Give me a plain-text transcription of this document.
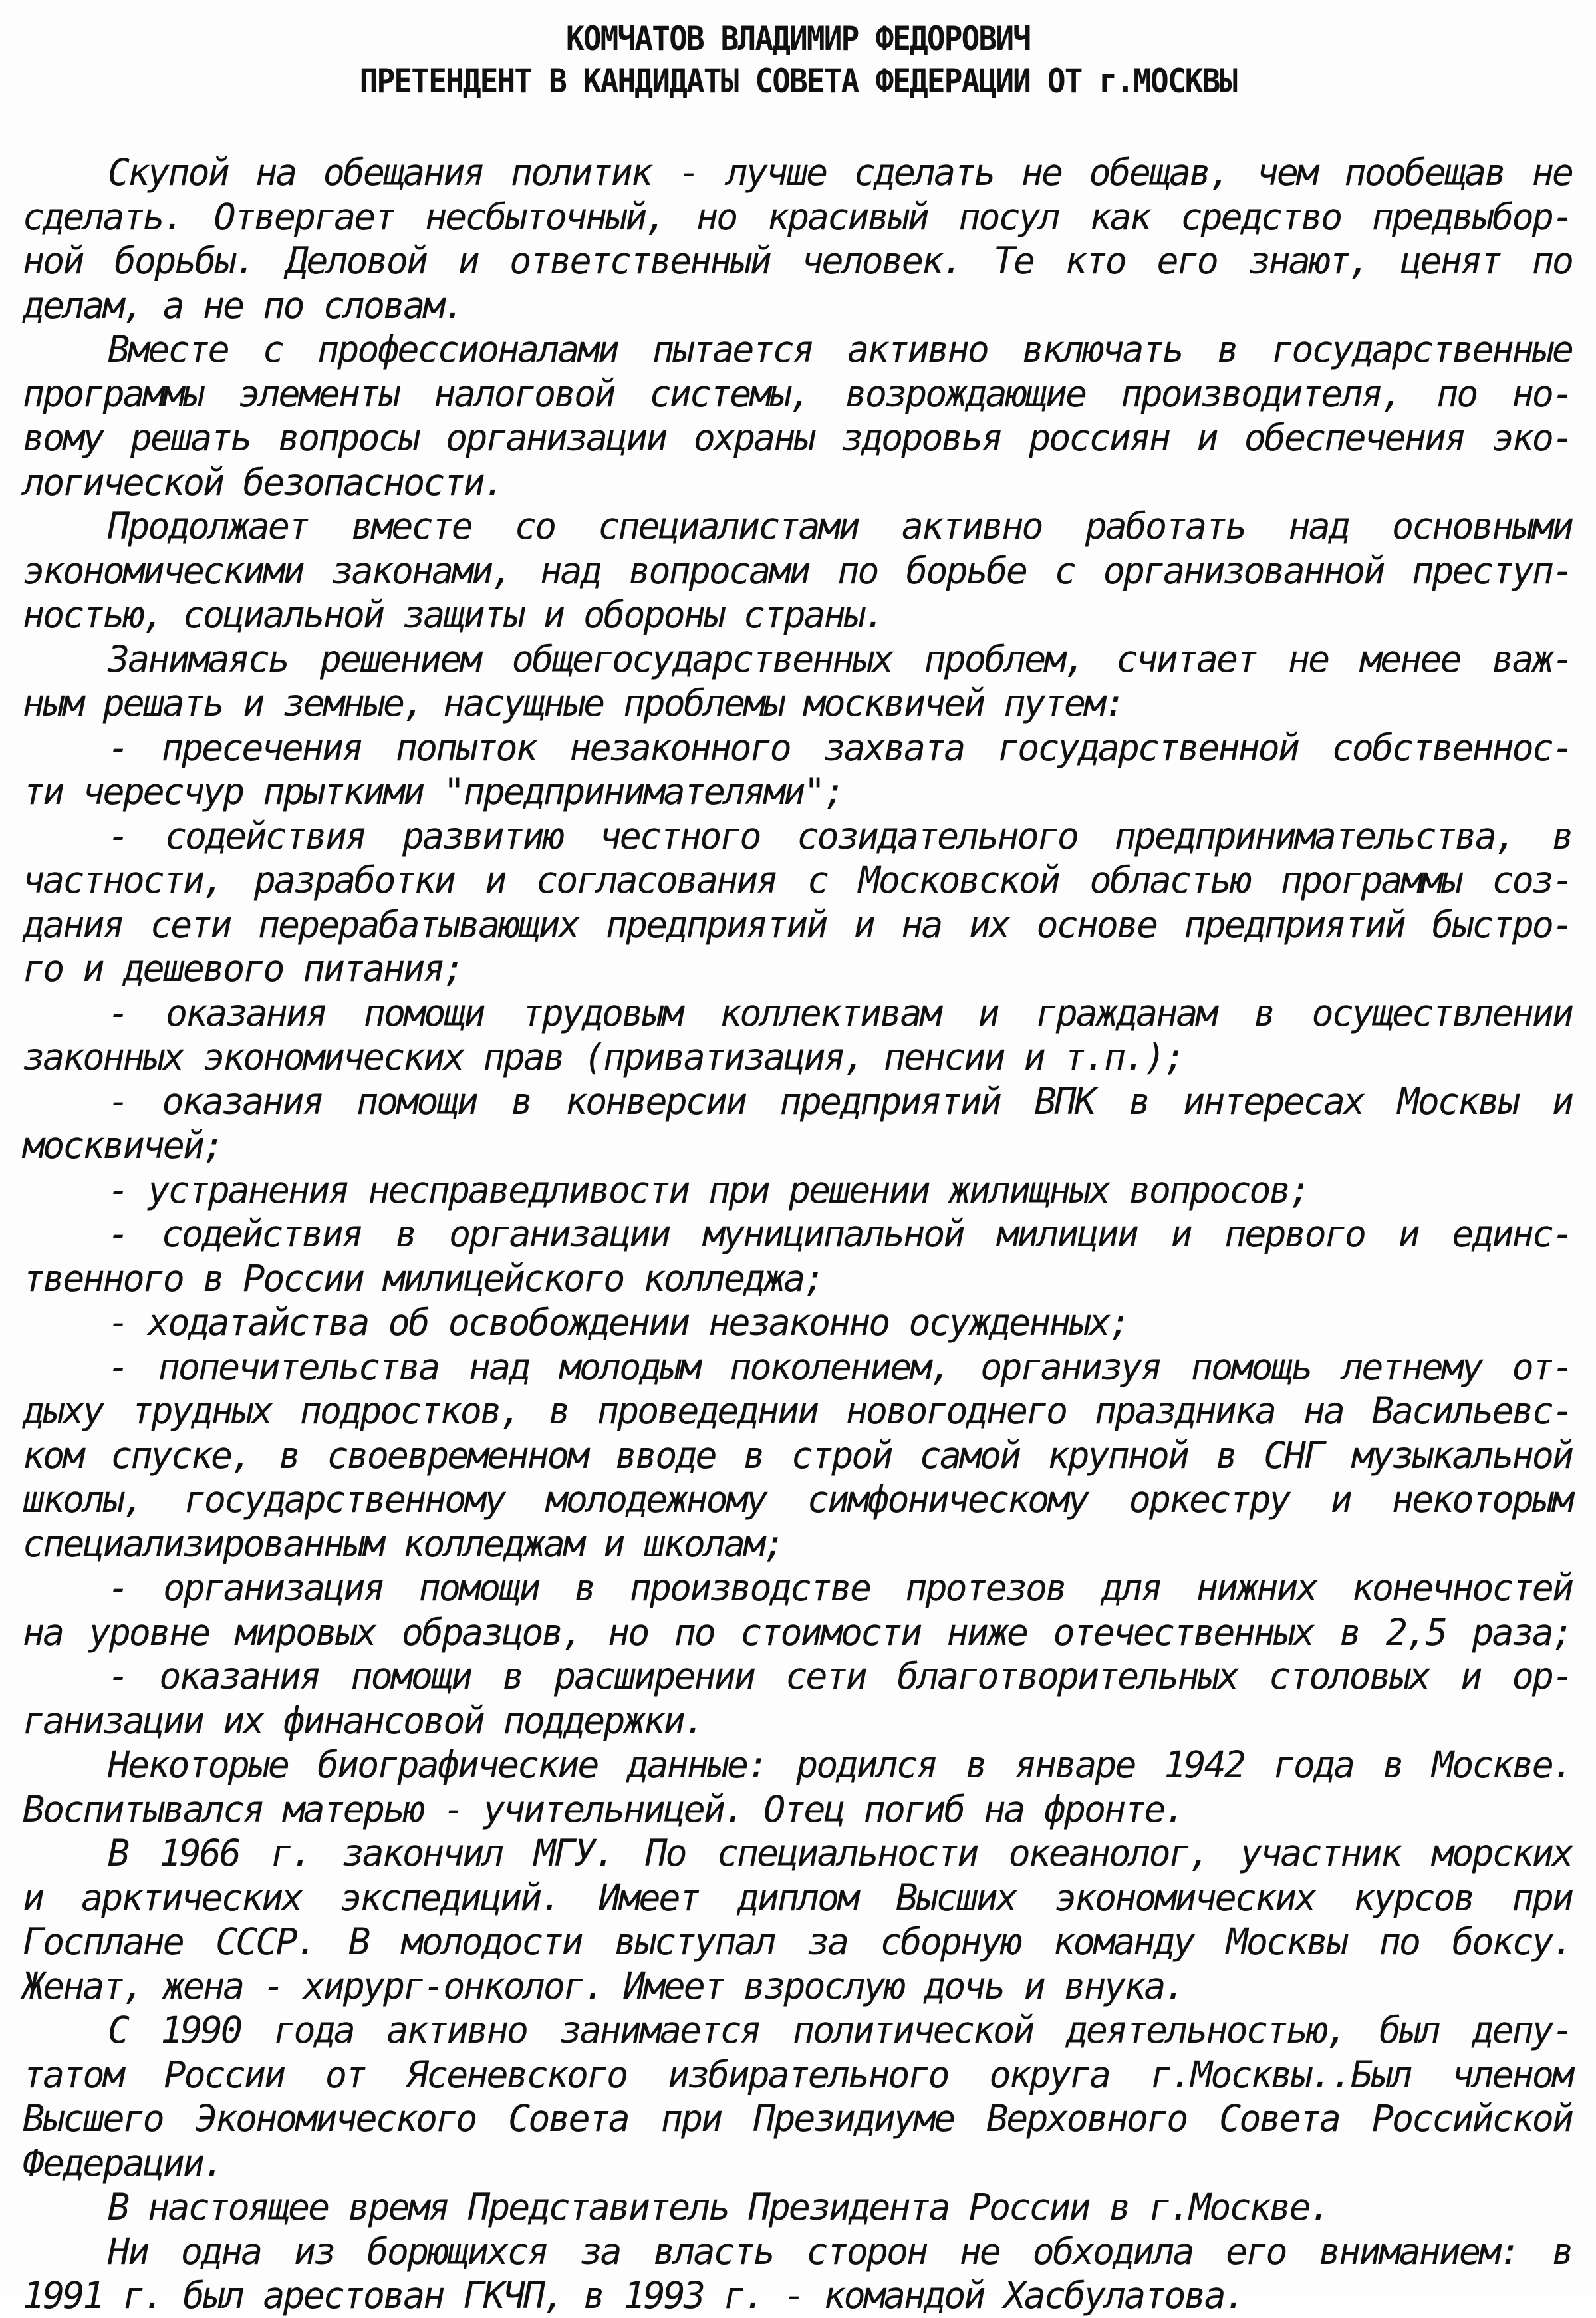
КОМЧАТОВ ВЛАДИМИР ФЕДОРОВИЧ
ПРЕТЕНДЕНТ В КАНДИДАТЫ СОВЕТА ФЕДЕРАЦИИ ОТ г.МОСКВЫ
Скупой на обещания политик - лучше сделать не обещав, чем пообещав не
сделать. Отвергает несбыточный, но красивый посул как средство предвыбор-
ной борьбы. Деловой и ответственный человек. Те кто его знают, ценят по
делам, а не по словам.
Вместе с профессионалами пытается активно включать в государственные
программы элементы налоговой системы, возрождающие производителя, по но-
вому решать вопросы организации охраны здоровья россиян и обеспечения эко-
логической безопасности.
Продолжает вместе со специалистами активно работать над основными
экономическими законами, над вопросами по борьбе с организованной преступ-
ностью, социальной защиты и обороны страны.
Занимаясь решением общегосударственных проблем, считает не менее важ-
ным решать и земные, насущные проблемы москвичей путем:
- пресечения попыток незаконного захвата государственной собственнос-
ти чересчур прыткими "предпринимателями";
- содействия развитию честного созидательного предпринимательства, в
частности, разработки и согласования с Московской областью программы соз-
дания сети перерабатывающих предприятий и на их основе предприятий быстро-
го и дешевого питания;
- оказания помощи трудовым коллективам и гражданам в осуществлении
законных экономических прав (приватизация, пенсии и т.п.);
- оказания помощи в конверсии предприятий ВПК в интересах Москвы и
москвичей;
- устранения несправедливости при решении жилищных вопросов;
- содействия в организации муниципальной милиции и первого и единс-
твенного в России милицейского колледжа;
- ходатайства об освобождении незаконно осужденных;
- попечительства над молодым поколением, организуя помощь летнему от-
дыху трудных подростков, в проведеднии новогоднего праздника на Васильевс-
ком спуске, в своевременном вводе в строй самой крупной в СНГ музыкальной
школы, государственному молодежному симфоническому оркестру и некоторым
специализированным колледжам и школам;
- организация помощи в производстве протезов для нижних конечностей
на уровне мировых образцов, но по стоимости ниже отечественных в 2,5 раза;
- оказания помощи в расширении сети благотворительных столовых и ор-
ганизации их финансовой поддержки.
Некоторые биографические данные: родился в январе 1942 года в Москве.
Воспитывался матерью - учительницей. Отец погиб на фронте.
В 1966 г. закончил МГУ. По специальности океанолог, участник морских
и арктических экспедиций. Имеет диплом Высших экономических курсов при
Госплане СССР. В молодости выступал за сборную команду Москвы по боксу.
Женат, жена - хирург-онколог. Имеет взрослую дочь и внука.
С 1990 года активно занимается политической деятельностью, был депу-
татом России от Ясеневского избирательного округа г.Москвы..Был членом
Высшего Экономического Совета при Президиуме Верховного Совета Российской
Федерации.
В настоящее время Представитель Президента России в г.Москве.
Ни одна из борющихся за власть сторон не обходила его вниманием: в
1991 г. был арестован ГКЧП, в 1993 г. - командой Хасбулатова.
